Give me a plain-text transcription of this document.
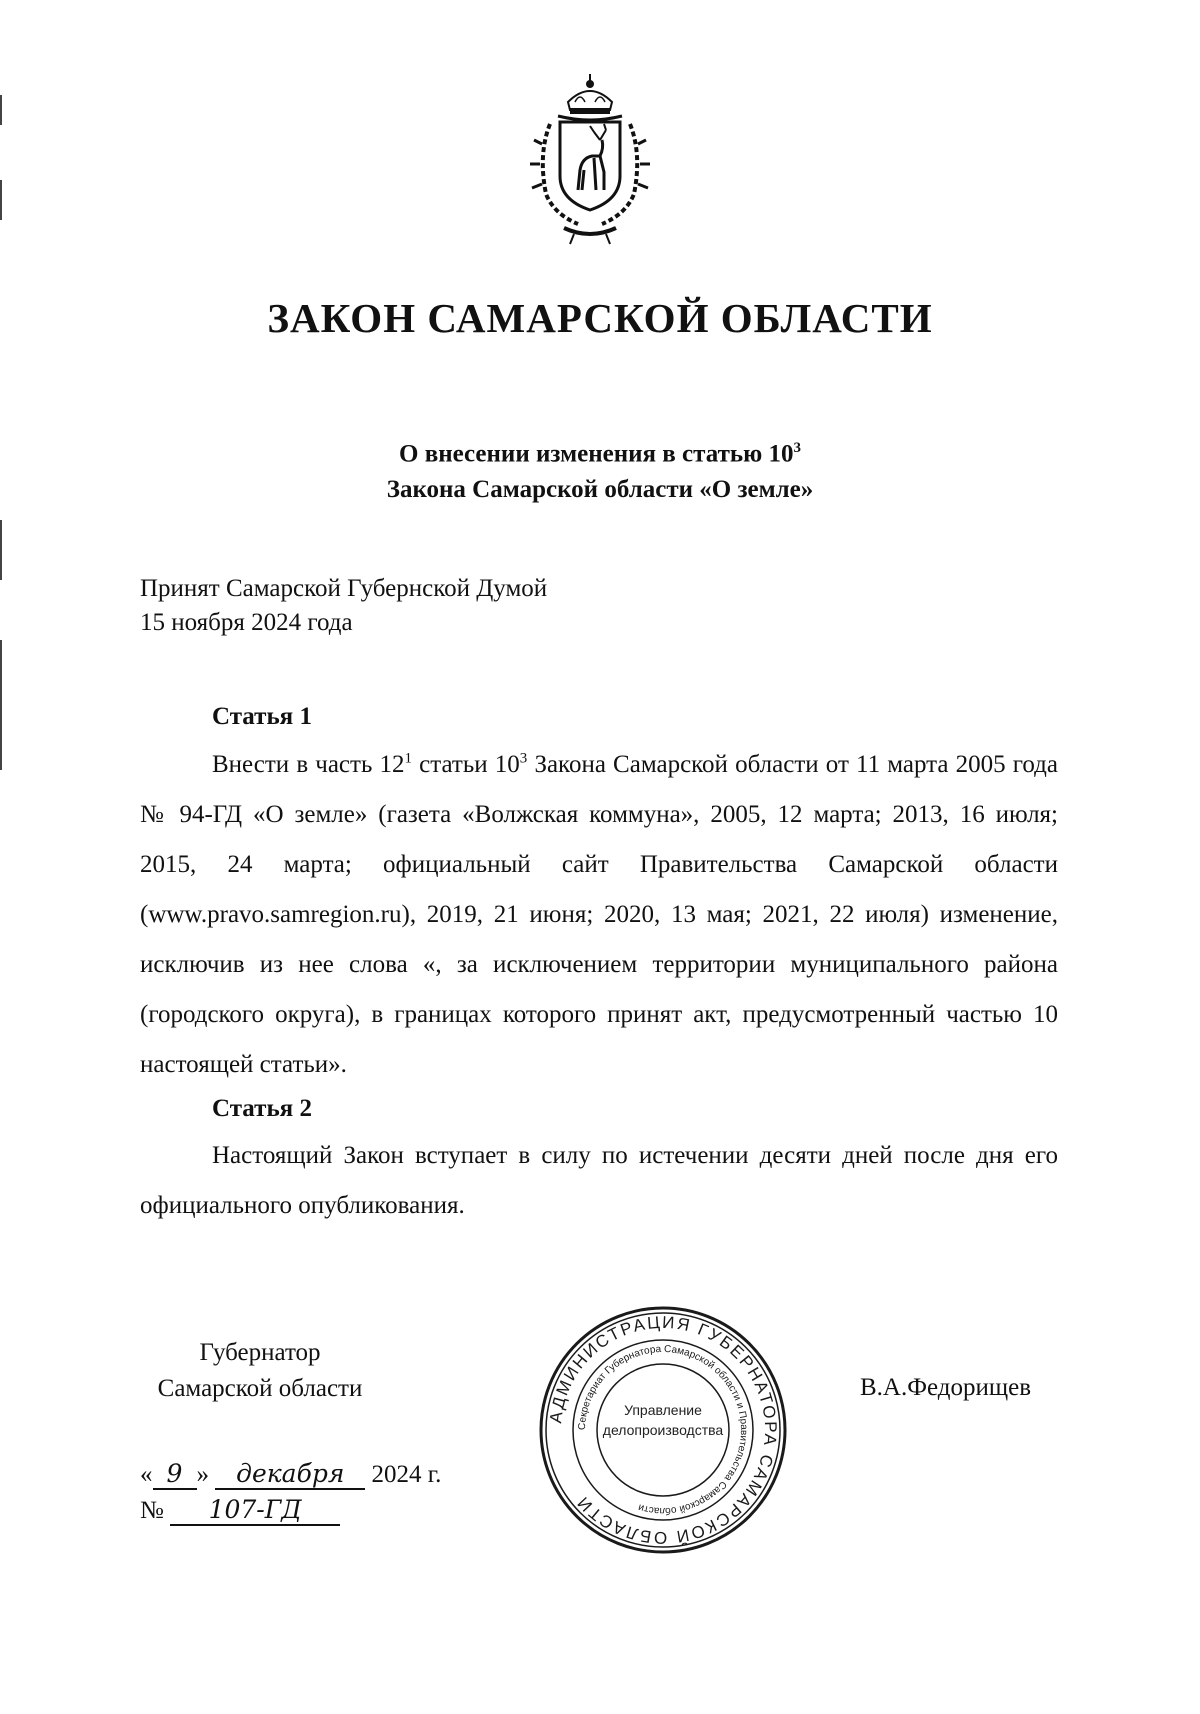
ЗАКОН САМАРСКОЙ ОБЛАСТИ
О внесении изменения в статью $10^3$
Закона Самарской области «О земле»
Принят Самарской Губернской Думой
15 ноября 2024 года
Статья 1
Внести в часть $12^1$ статьи $10^3$ Закона Самарской области от 11 марта 2005 года № 94-ГД «О земле» (газета «Волжская коммуна», 2005, 12 марта; 2013, 16 июля; 2015, 24 марта; официальный сайт Правительства Самарской области (www.pravo.samregion.ru), 2019, 21 июня; 2020, 13 мая; 2021, 22 июля) изменение, исключив из нее слова «, за исключением территории муниципального района (городского округа), в границах которого принят акт, предусмотренный частью 10 настоящей статьи».
Статья 2
Настоящий Закон вступает в силу по истечении десяти дней после дня его официального опубликования.
Губернатор
Самарской области	В.А.Федорищев
« 9 » декабря 2024 г.
№ 107-ГД
АДМИНИСТРАЦИЯ ГУБЕРНАТОРА САМАРСКОЙ ОБЛАСТИ
Секретариат Губернатора Самарской области и Правительства Самарской области
Управление
делопроизводства
